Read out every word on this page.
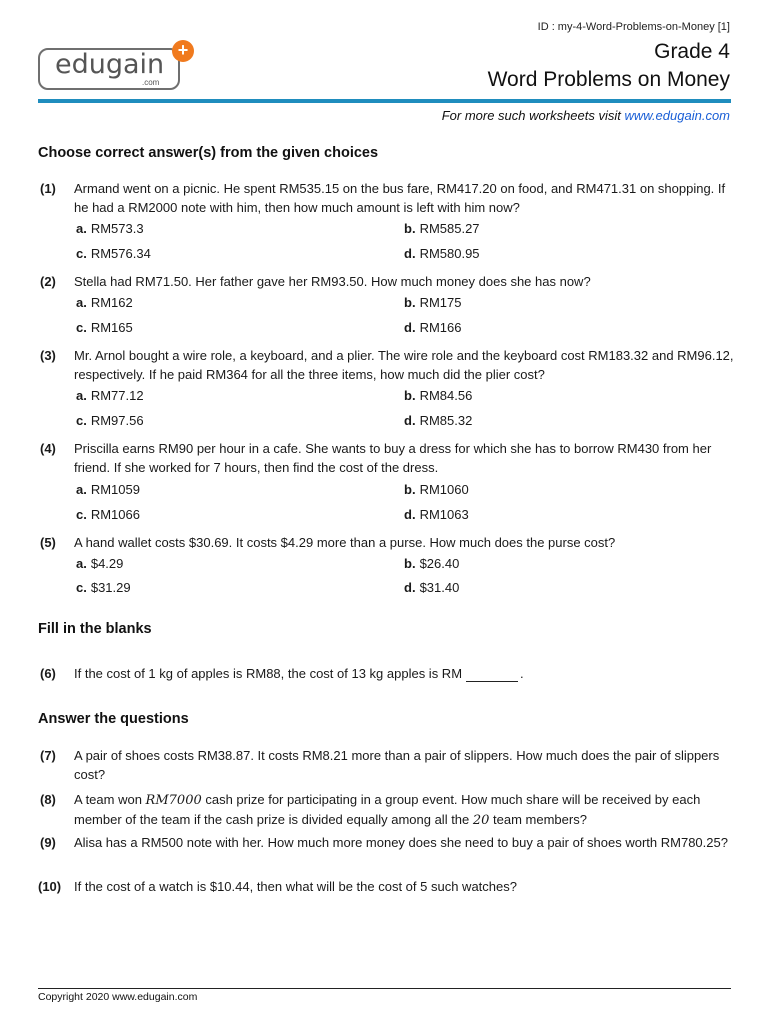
ID : my-4-Word-Problems-on-Money [1]
edugain
.com
+	Grade 4
Word Problems on Money
For more such worksheets visit www.edugain.com
Choose correct answer(s) from the given choices
(1) Armand went on a picnic. He spent RM535.15 on the bus fare, RM417.20 on food, and RM471.31 on shopping. If he had a RM2000 note with him, then how much amount is left with him now?
a. RM573.3	b. RM585.27
c. RM576.34	d. RM580.95
(2) Stella had RM71.50. Her father gave her RM93.50. How much money does she has now?
a. RM162	b. RM175
c. RM165	d. RM166
(3) Mr. Arnol bought a wire role, a keyboard, and a plier. The wire role and the keyboard cost RM183.32 and RM96.12, respectively. If he paid RM364 for all the three items, how much did the plier cost?
a. RM77.12	b. RM84.56
c. RM97.56	d. RM85.32
(4) Priscilla earns RM90 per hour in a cafe. She wants to buy a dress for which she has to borrow RM430 from her friend. If she worked for 7 hours, then find the cost of the dress.
a. RM1059	b. RM1060
c. RM1066	d. RM1063
(5) A hand wallet costs $30.69. It costs $4.29 more than a purse. How much does the purse cost?
a. $4.29	b. $26.40
c. $31.29	d. $31.40
Fill in the blanks
(6) If the cost of 1 kg of apples is RM88, the cost of 13 kg apples is RM	.
Answer the questions
(7) A pair of shoes costs RM38.87. It costs RM8.21 more than a pair of slippers. How much does the pair of slippers cost?
(8) A team won RM7000 cash prize for participating in a group event. How much share will be received by each member of the team if the cash prize is divided equally among all the 20 team members?
(9) Alisa has a RM500 note with her. How much more money does she need to buy a pair of shoes worth RM780.25?
(10) If the cost of a watch is $10.44, then what will be the cost of 5 such watches?
Copyright 2020 www.edugain.com
